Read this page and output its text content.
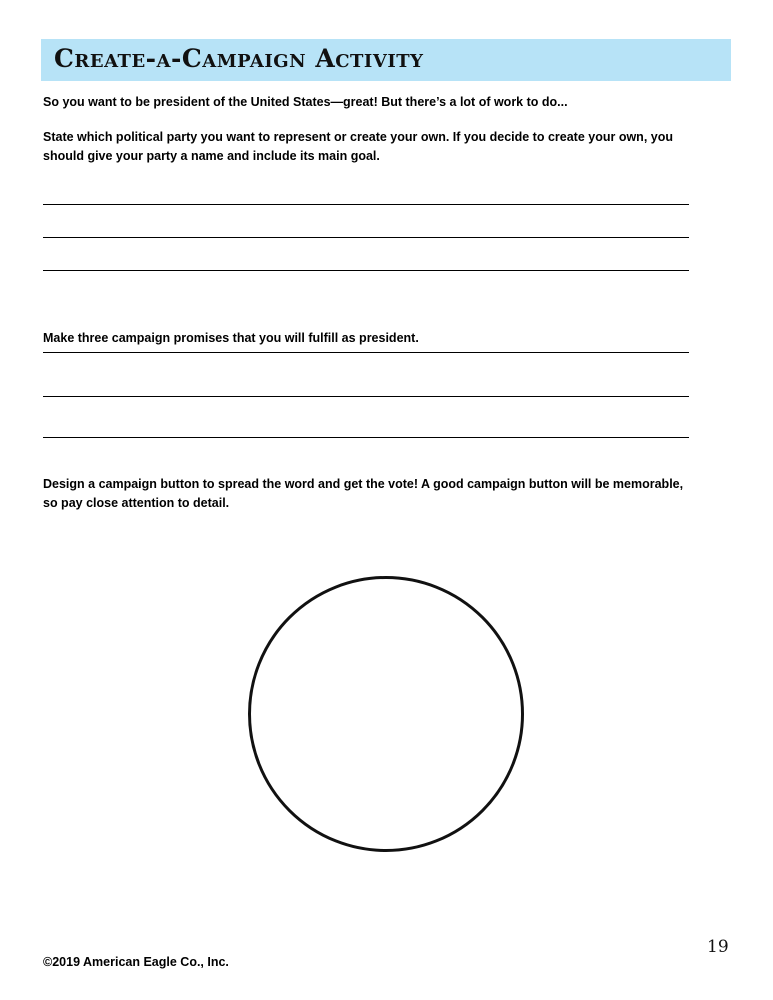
Create-a-Campaign Activity
So you want to be president of the United States—great! But there’s a lot of work to do...
State which political party you want to represent or create your own. If you decide to create your own, you should give your party a name and include its main goal.
Make three campaign promises that you will fulfill as president.
Design a campaign button to spread the word and get the vote! A good campaign button will be memorable, so pay close attention to detail.
©2019 American Eagle Co., Inc.
19
